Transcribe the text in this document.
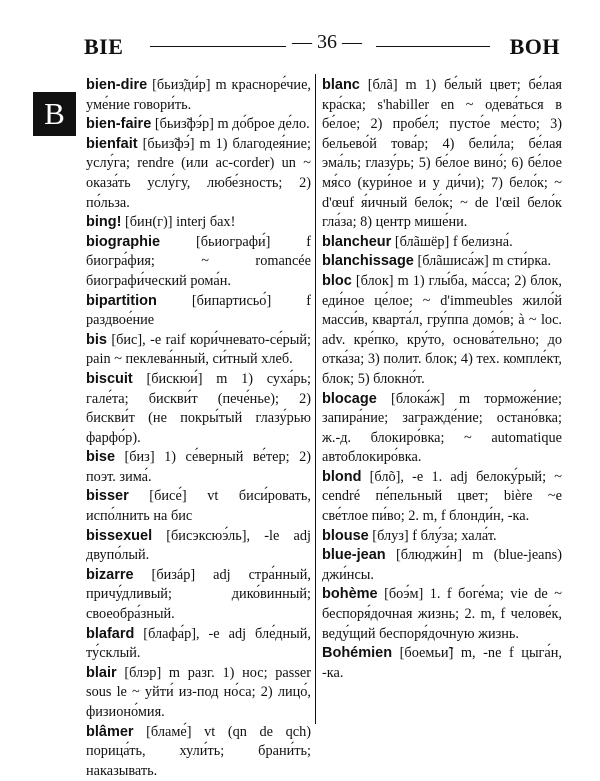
BIE	— 36 —	BOH
B
bien-dire [бьиз̃ди́р] m красноре́чие, уме́ние говори́ть.
bien-faire [бьиз̃фэ́р] m до́брое де́ло.
bienfait [бьиз̃фэ́] m 1) благодея́ние; услу́га; rendre (или ac-corder) un ~ оказа́ть услу́гу, любе́зность; 2) по́льза.
bing! [бин(г)] interj бах!
biographie [бьиографи́] f биогра́фия; ~ romancée биографи́ческий рома́н.
bipartition [бипартисьо́] f раздвое́ние
bis [бис], -e raif кори́чневато-се́рый; pain ~ пеклева́нный, си́тный хлеб.
biscuit [бискюи́] m 1) суха́рь; гале́та; бискви́т (пече́нье); 2) бискви́т (не покры́тый глазу́рью фарфо́р).
bise [биз] 1) се́верный ве́тер; 2) поэт. зима́.
bisser [бисе́] vt биси́ровать, испо́лнить на бис
bissexuel [бисэксюэ́ль], -le adj двупо́лый.
bizarre [бизáр] adj стра́нный, причу́дливый; дико́винный; своеобра́зный.
blafard [блафа́р], -e adj бле́дный, ту́склый.
blair [блэр] m разг. 1) нос; passer sous le ~ уйти́ из-под но́са; 2) лицо́, физионо́мия.
blâmer [бламе́] vt (qn de qch) порица́ть, хули́ть; брани́ть; наказывать.
blanc [блã] m 1) бе́лый цвет; бе́лая кра́ска; s'habiller en ~ одева́ться в бе́лое; 2) пробе́л; пусто́е ме́сто; 3) бельево́й това́р; 4) бели́ла; бе́лая эма́ль; глазу́рь; 5) бе́лое вино́; 6) бе́лое мя́со (кури́ное и у ди́чи); 7) бело́к; ~ d'œuf я́ичный бело́к; ~ de l'œil бело́к гла́за; 8) центр мише́ни.
blancheur [блãшёр] f белизна́.
blanchissage [блãшиса́ж] m сти́рка.
bloc [блок] m 1) глы́ба, ма́сса; 2) блок, еди́ное це́лое; ~ d'immeubles жило́й масси́в, кварта́л, гру́ппа домо́в; à ~ loc. adv. кре́пко, кру́то, основа́тельно; до отка́за; 3) полит. блок; 4) тех. компле́кт, блок; 5) блокно́т.
blocage [блока́ж] m торможе́ние; запира́ние; загражде́ние; остано́вка; ж.-д. блокиро́вка; ~ automatique автоблокиро́вка.
blond [блõ], -e 1. adj белоку́рый; ~ cendré пе́пельный цвет; bière ~e све́тлое пи́во; 2. m, f блонди́н, -ка.
blouse [блуз] f блу́за; хала́т.
blue-jean [блюджи́н] m (blue-jeans) джи́нсы.
bohème [боэ́м] 1. f боге́ма; vie de ~ беспоря́дочная жизнь; 2. m, f челове́к, веду́щий беспоря́дочную жизнь.
Bohémien [боемьи̃] m, -ne f цыга́н, -ка.
